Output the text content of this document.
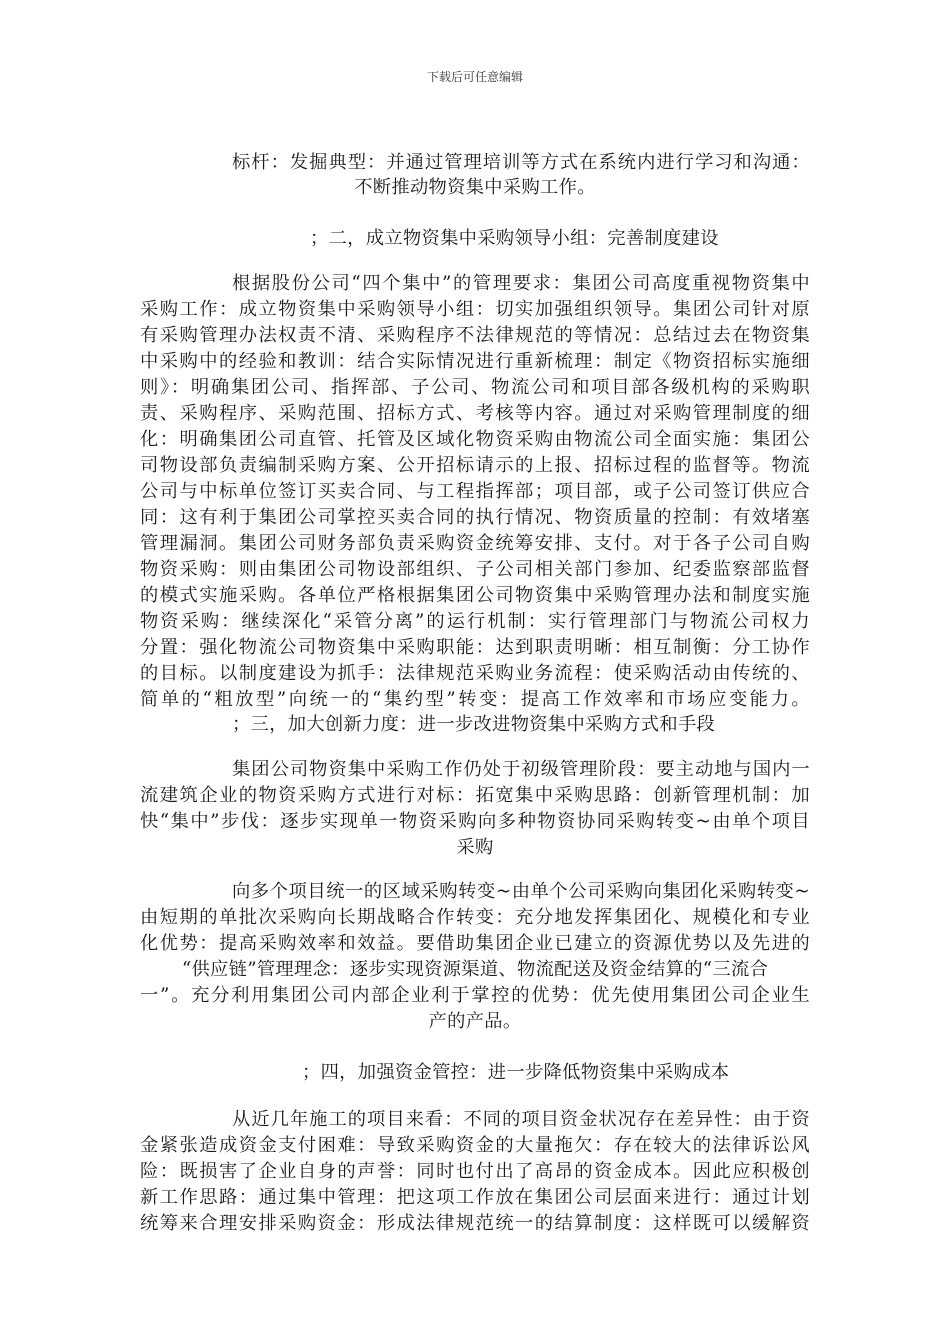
下载后可任意编辑
标杆：发掘典型：并通过管理培训等方式在系统内进行学习和沟通：
不断推动物资集中采购工作。
；二，成立物资集中采购领导小组：完善制度建设
根据股份公司“四个集中”的管理要求：集团公司高度重视物资集中
采购工作：成立物资集中采购领导小组：切实加强组织领导。集团公司针对原
有采购管理办法权责不清、采购程序不法律规范的等情况：总结过去在物资集
中采购中的经验和教训：结合实际情况进行重新梳理：制定《物资招标实施细
则》：明确集团公司、指挥部、子公司、物流公司和项目部各级机构的采购职
责、采购程序、采购范围、招标方式、考核等内容。通过对采购管理制度的细
化：明确集团公司直管、托管及区域化物资采购由物流公司全面实施：集团公
司物设部负责编制采购方案、公开招标请示的上报、招标过程的监督等。物流
公司与中标单位签订买卖合同、与工程指挥部；项目部，或子公司签订供应合
同：这有利于集团公司掌控买卖合同的执行情况、物资质量的控制：有效堵塞
管理漏洞。集团公司财务部负责采购资金统筹安排、支付。对于各子公司自购
物资采购：则由集团公司物设部组织、子公司相关部门参加、纪委监察部监督
的模式实施采购。各单位严格根据集团公司物资集中采购管理办法和制度实施
物资采购：继续深化“采管分离”的运行机制：实行管理部门与物流公司权力
分置：强化物流公司物资集中采购职能：达到职责明晰：相互制衡：分工协作
的目标。以制度建设为抓手：法律规范采购业务流程：使采购活动由传统的、
简单的“粗放型”向统一的“集约型”转变：提高工作效率和市场应变能力。
；三，加大创新力度：进一步改进物资集中采购方式和手段
集团公司物资集中采购工作仍处于初级管理阶段：要主动地与国内一
流建筑企业的物资采购方式进行对标：拓宽集中采购思路：创新管理机制：加
快“集中”步伐：逐步实现单一物资采购向多种物资协同采购转变~由单个项目
采购
向多个项目统一的区域采购转变~由单个公司采购向集团化采购转变~
由短期的单批次采购向长期战略合作转变：充分地发挥集团化、规模化和专业
化优势：提高采购效率和效益。要借助集团企业已建立的资源优势以及先进的
“供应链”管理理念：逐步实现资源渠道、物流配送及资金结算的“三流合
一”。充分利用集团公司内部企业利于掌控的优势：优先使用集团公司企业生
产的产品。
；四，加强资金管控：进一步降低物资集中采购成本
从近几年施工的项目来看：不同的项目资金状况存在差异性：由于资
金紧张造成资金支付困难：导致采购资金的大量拖欠：存在较大的法律诉讼风
险：既损害了企业自身的声誉：同时也付出了高昂的资金成本。因此应积极创
新工作思路：通过集中管理：把这项工作放在集团公司层面来进行：通过计划
统筹来合理安排采购资金：形成法律规范统一的结算制度：这样既可以缓解资
